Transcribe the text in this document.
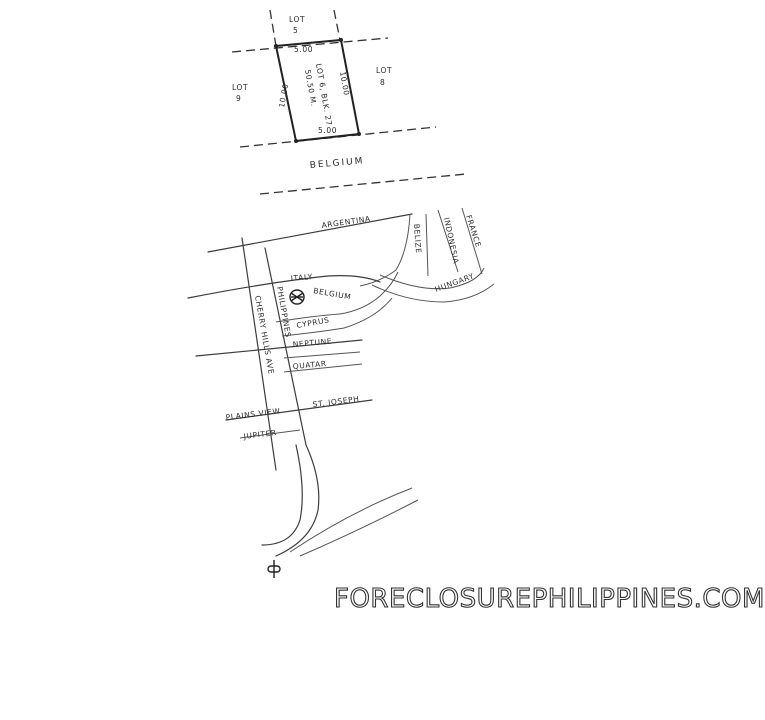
LOT
5
LOT
9
LOT
8
5.00
5.00
10.00	10.00
LOT 6, BLK. 27
50.50 M.
BELGIUM
ARGENTINA
ITALY
BELGIUM
CYPRUS
NEPTUNE
QUATAR
ST. JOSEPH
PLAINS VIEW
JUPITER
PHILIPPINES
CHERRY HILLS AVE
BELIZE	INDONESIA FRANCE
HUNGARY
FORECLOSUREPHILIPPINES.COM
